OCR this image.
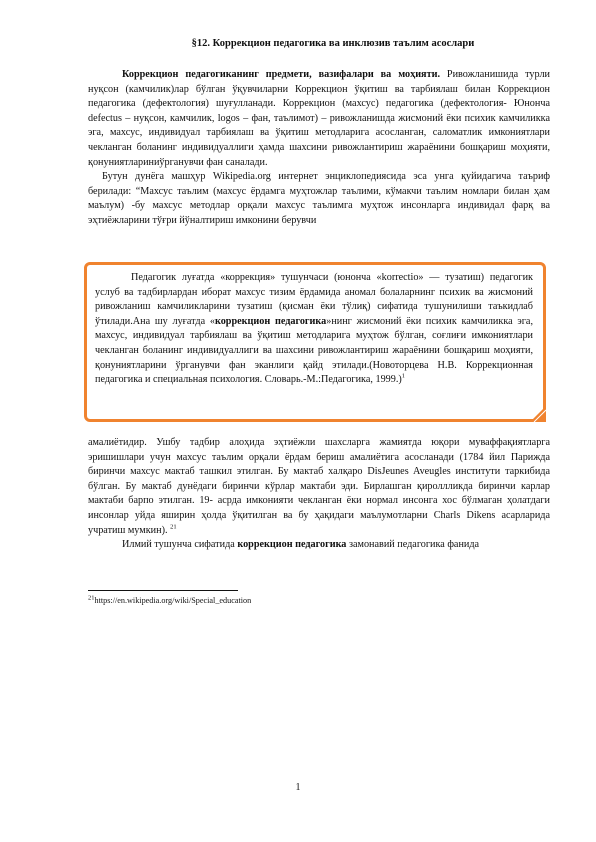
§12. Коррекцион педагогика ва инклюзив таълим асослари

Коррекцион педагогиканинг предмети, вазифалари ва моҳияти. Ривожланишида турли нуқсон (камчилик)лар бўлган ўқувчиларни Коррекцион ўқитиш ва тарбиялаш билан Коррекцион педагогика (дефектология) шуғулланади. Коррекцион (махсус) педагогика (дефектология- Юнонча defectus – нуқсон, камчилик, logos – фан, таълимот) – ривожланишда жисмоний ёки психик камчиликка эга, махсус, индивидуал тарбиялаш ва ўқитиш методларига асосланган, саломатлик имкониятлари чекланган боланинг индивидуаллиги ҳамда шахсини ривожлантириш жараёнини бошқариш моҳияти, қонуниятлариниўрганувчи фан саналади.

Бутун дунёга машҳур Wikipedia.org интернет энциклопедиясида эса унга қуйидагича таъриф берилади: “Махсус таълим (махсус ёрдамга муҳтожлар таълими, кўмакчи таълим номлари билан ҳам маълум) -бу махсус методлар орқали махсус таълимга муҳтож инсонларга индивидал фарқ ва эҳтиёжларини тўғри йўналтириш имконини берувчи

Педагогик луғатда «коррекция» тушунчаси (юнонча «korrectio» — тузатиш) педагогик услуб ва тадбирлардан иборат махсус тизим ёрдамида аномал болаларнинг психик ва жисмоний ривожланиш камчиликларини тузатиш (қисман ёки тўлиқ) сифатида тушунилиши таъкидлаб ўтилади.Ана шу луғатда «коррекцион педагогика»нинг жисмоний ёки психик камчиликка эга, махсус, индивидуал тарбиялаш ва ўқитиш методларига муҳтож бўлган, соғлиғи имкониятлари чекланган боланинг индивидуаллиги ва шахсини ривожлантириш жараёнини бошқариш моҳияти, қонуниятларини ўрганувчи фан эканлиги қайд этилади.(Новоторцева Н.В. Коррекционная педагогика и специальная психология. Словарь.-М.:Педагогика, 1999.)$^1$

амалиётидир. Ушбу тадбир алоҳида эҳтиёжли шахсларга жамиятда юқори муваффақиятларга эришишлари учун махсус таълим орқали ёрдам бериш амалиётига асосланади (1784 йил Парижда биринчи махсус мактаб ташкил этилган. Бу мактаб халқаро DisJeunes Aveugles институти таркибида бўлган. Бу мактаб дунёдаги биринчи кўрлар мактаби эди. Бирлашган қироллликда биринчи карлар мактаби барпо этилган. 19- асрда имконияти чекланган ёки нормал инсонга хос бўлмаган ҳолатдаги инсонлар уйда яширин ҳолда ўқитилган ва бу ҳақидаги маълумотларни Charls Dikens асарларида учратиш мумкин). $^{21}$

Илмий тушунча сифатида коррекцион педагогика замонавий педагогика фанида

$^{21}$https://en.wikipedia.org/wiki/Special_education
1
